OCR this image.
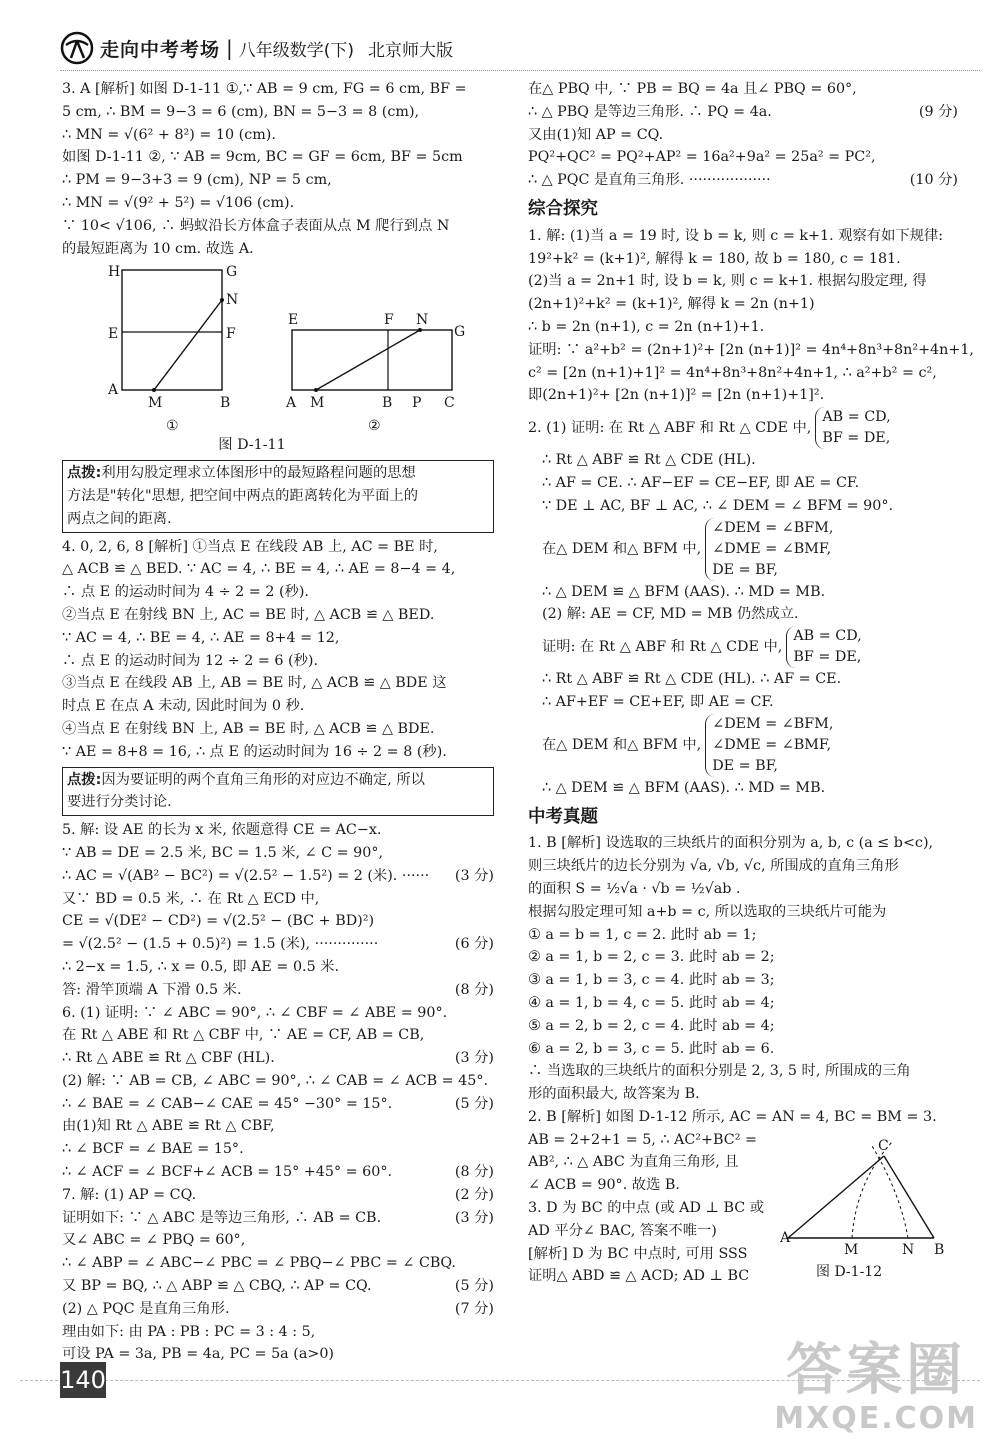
走向中考考场 | 八年级数学(下) 北京师大版

3. A [解析] 如图 D-1-11 ①,∵ AB = 9 cm, FG = 6 cm, BF =

5 cm, ∴ BM = 9−3 = 6 (cm), BN = 5−3 = 8 (cm),

∴ MN = √(6² + 8²) = 10 (cm).

如图 D-1-11 ②, ∵ AB = 9cm, BC = GF = 6cm, BF = 5cm

∴ PM = 9−3+3 = 9 (cm), NP = 5 cm,

∴ MN = √(9² + 5²) = √106 (cm).

∵ 10< √106, ∴ 蚂蚁沿长方体盒子表面从点 M 爬行到点 N

的最短距离为 10 cm. 故选 A.

H	G
N
E	F
A
M	B
①
E	F N
G
A M	B P C
②

图 D-1-11

点拨:利用勾股定理求立体图形中的最短路程问题的思想

方法是"转化"思想, 把空间中两点的距离转化为平面上的

两点之间的距离.

4. 0, 2, 6, 8 [解析] ①当点 E 在线段 AB 上, AC = BE 时,

△ ACB ≌ △ BED. ∵ AC = 4, ∴ BE = 4, ∴ AE = 8−4 = 4,

∴ 点 E 的运动时间为 4 ÷ 2 = 2 (秒).

②当点 E 在射线 BN 上, AC = BE 时, △ ACB ≌ △ BED.

∵ AC = 4, ∴ BE = 4, ∴ AE = 8+4 = 12,

∴ 点 E 的运动时间为 12 ÷ 2 = 6 (秒).

③当点 E 在线段 AB 上, AB = BE 时, △ ACB ≌ △ BDE 这

时点 E 在点 A 未动, 因此时间为 0 秒.

④当点 E 在射线 BN 上, AB = BE 时, △ ACB ≌ △ BDE.

∵ AE = 8+8 = 16, ∴ 点 E 的运动时间为 16 ÷ 2 = 8 (秒).

点拨:因为要证明的两个直角三角形的对应边不确定, 所以

要进行分类讨论.

5. 解: 设 AE 的长为 x 米, 依题意得 CE = AC−x.

∵ AB = DE = 2.5 米, BC = 1.5 米, ∠ C = 90°,

∴ AC = √(AB² − BC²) = √(2.5² − 1.5²) = 2 (米). ······ (3 分)

又∵ BD = 0.5 米, ∴ 在 Rt △ ECD 中,

CE = √(DE² − CD²) = √(2.5² − (BC + BD)²)

= √(2.5² − (1.5 + 0.5)²) = 1.5 (米), ··············	(6 分)

∴ 2−x = 1.5, ∴ x = 0.5, 即 AE = 0.5 米.

答: 滑竿顶端 A 下滑 0.5 米.	(8 分)

6. (1) 证明: ∵ ∠ ABC = 90°, ∴ ∠ CBF = ∠ ABE = 90°.

在 Rt △ ABE 和 Rt △ CBF 中, ∵ AE = CF, AB = CB,

∴ Rt △ ABE ≌ Rt △ CBF (HL).	(3 分)

(2) 解: ∵ AB = CB, ∠ ABC = 90°, ∴ ∠ CAB = ∠ ACB = 45°.

∴ ∠ BAE = ∠ CAB−∠ CAE = 45° −30° = 15°.	(5 分)

由(1)知 Rt △ ABE ≌ Rt △ CBF,

∴ ∠ BCF = ∠ BAE = 15°.

∴ ∠ ACF = ∠ BCF+∠ ACB = 15° +45° = 60°.	(8 分)

7. 解: (1) AP = CQ.	(2 分)

证明如下: ∵ △ ABC 是等边三角形, ∴ AB = CB.	(3 分)

又∠ ABC = ∠ PBQ = 60°,

∴ ∠ ABP = ∠ ABC−∠ PBC = ∠ PBQ−∠ PBC = ∠ CBQ.

又 BP = BQ, ∴ △ ABP ≌ △ CBQ, ∴ AP = CQ.	(5 分)

(2) △ PQC 是直角三角形.	(7 分)

理由如下: 由 PA : PB : PC = 3 : 4 : 5,

可设 PA = 3a, PB = 4a, PC = 5a (a>0)

在△ PBQ 中, ∵ PB = BQ = 4a 且∠ PBQ = 60°,

∴ △ PBQ 是等边三角形. ∴ PQ = 4a.	(9 分)

又由(1)知 AP = CQ.

PQ²+QC² = PQ²+AP² = 16a²+9a² = 25a² = PC²,

∴ △ PQC 是直角三角形. ··················	(10 分)

综合探究

1. 解: (1)当 a = 19 时, 设 b = k, 则 c = k+1. 观察有如下规律:

19²+k² = (k+1)², 解得 k = 180, 故 b = 180, c = 181.

(2)当 a = 2n+1 时, 设 b = k, 则 c = k+1. 根据勾股定理, 得

(2n+1)²+k² = (k+1)², 解得 k = 2n (n+1)

∴ b = 2n (n+1), c = 2n (n+1)+1.

证明: ∵ a²+b² = (2n+1)²+ [2n (n+1)]² = 4n⁴+8n³+8n²+4n+1,

c² = [2n (n+1)+1]² = 4n⁴+8n³+8n²+4n+1, ∴ a²+b² = c²,

即(2n+1)²+ [2n (n+1)]² = [2n (n+1)+1]².

2. (1) 证明: 在 Rt △ ABF 和 Rt △ CDE 中,
AB = CD,
BF = DE,

∴ Rt △ ABF ≌ Rt △ CDE (HL).

∴ AF = CE. ∴ AF−EF = CE−EF, 即 AE = CF.

∵ DE ⊥ AC, BF ⊥ AC, ∴ ∠ DEM = ∠ BFM = 90°.

在△ DEM 和△ BFM 中,
∠DEM = ∠BFM,
∠DME = ∠BMF,
DE = BF,

∴ △ DEM ≌ △ BFM (AAS). ∴ MD = MB.

(2) 解: AE = CF, MD = MB 仍然成立.

证明: 在 Rt △ ABF 和 Rt △ CDE 中,
AB = CD,
BF = DE,

∴ Rt △ ABF ≌ Rt △ CDE (HL). ∴ AF = CE.

∴ AF+EF = CE+EF, 即 AE = CF.

在△ DEM 和△ BFM 中,
∠DEM = ∠BFM,
∠DME = ∠BMF,
DE = BF,

∴ △ DEM ≌ △ BFM (AAS). ∴ MD = MB.

中考真题

1. B [解析] 设选取的三块纸片的面积分别为 a, b, c (a ≤ b<c),

则三块纸片的边长分别为 √a, √b, √c, 所围成的直角三角形

的面积 S = ½√a · √b = ½√ab .

根据勾股定理可知 a+b = c, 所以选取的三块纸片可能为

① a = b = 1, c = 2. 此时 ab = 1;

② a = 1, b = 2, c = 3. 此时 ab = 2;

③ a = 1, b = 3, c = 4. 此时 ab = 3;

④ a = 1, b = 4, c = 5. 此时 ab = 4;

⑤ a = 2, b = 2, c = 4. 此时 ab = 4;

⑥ a = 2, b = 3, c = 5. 此时 ab = 6.

∴ 当选取的三块纸片的面积分别是 2, 3, 5 时, 所围成的三角

形的面积最大, 故答案为 B.

2. B [解析] 如图 D-1-12 所示, AC = AN = 4, BC = BM = 3.

AB = 2+2+1 = 5, ∴ AC²+BC² =

AB², ∴ △ ABC 为直角三角形, 且

∠ ACB = 90°. 故选 B.

3. D 为 BC 的中点 (或 AD ⊥ BC 或

AD 平分∠ BAC, 答案不唯一)

[解析] D 为 BC 中点时, 可用 SSS

证明△ ABD ≌ △ ACD; AD ⊥ BC

A
M	N B
C
图 D-1-12
140	答案圈
MXQE.COM
